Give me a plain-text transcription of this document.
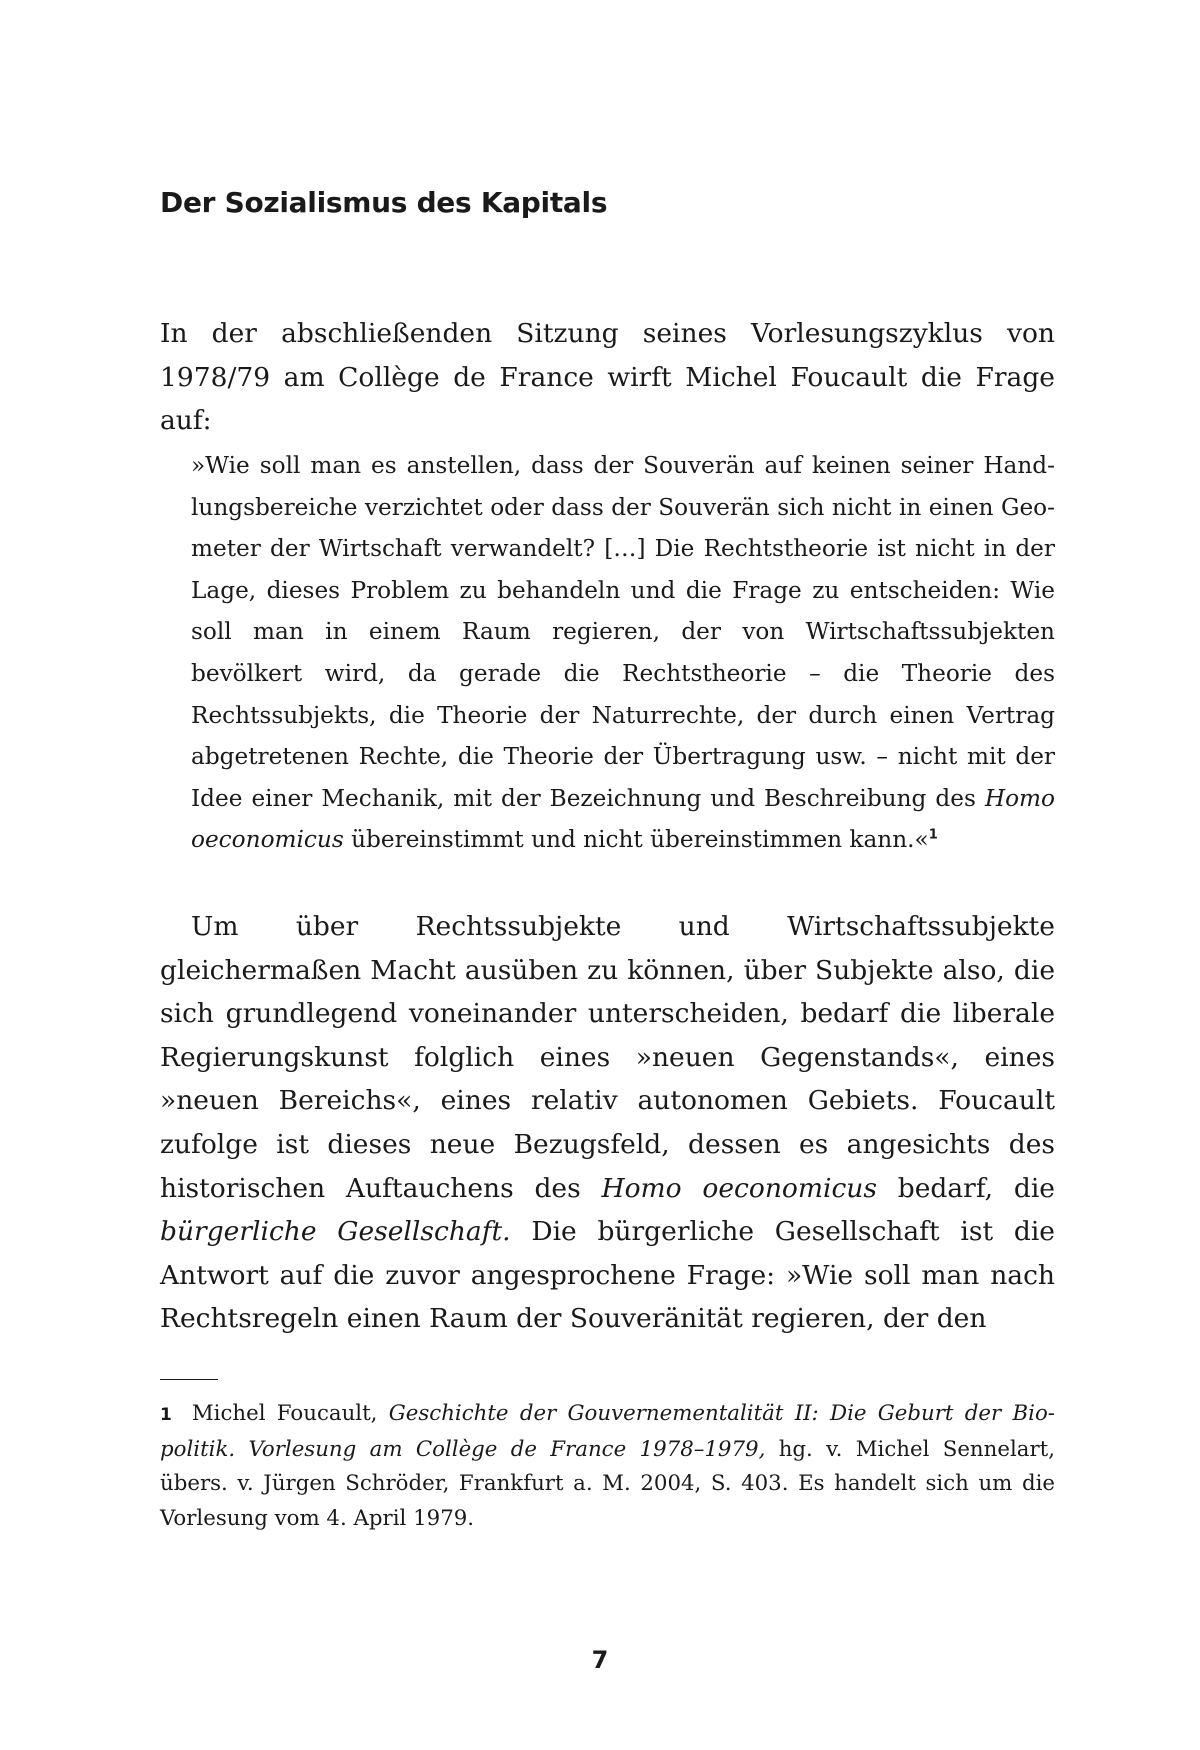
Der Sozialismus des Kapitals

In der abschließenden Sitzung seines Vorlesungszyklus von 1978/79 am Collège de France wirft Michel Foucault die Frage auf:

»Wie soll man es anstellen, dass der Souverän auf keinen seiner Handlungsbereiche verzichtet oder dass der Souverän sich nicht in einen Geometer der Wirtschaft verwandelt? […] Die Rechtstheorie ist nicht in der Lage, dieses Problem zu behandeln und die Frage zu entscheiden: Wie soll man in einem Raum regieren, der von Wirtschaftssubjekten bevölkert wird, da gerade die Rechtstheorie – die Theorie des Rechtssubjekts, die Theorie der Naturrechte, der durch einen Vertrag abgetretenen Rechte, die Theorie der Übertragung usw. – nicht mit der Idee einer Mechanik, mit der Bezeichnung und Beschreibung des Homo oeconomicus übereinstimmt und nicht übereinstimmen kann.«$^1$

Um über Rechtssubjekte und Wirtschaftssubjekte gleichermaßen Macht ausüben zu können, über Subjekte also, die sich grundlegend voneinander unterscheiden, bedarf die liberale Regierungskunst folglich eines »neuen Gegenstands«, eines »neuen Bereichs«, eines relativ autonomen Gebiets. Foucault zufolge ist dieses neue Bezugsfeld, dessen es angesichts des historischen Auftauchens des Homo oeconomicus bedarf, die bürgerliche Gesellschaft. Die bürgerliche Gesellschaft ist die Antwort auf die zuvor angesprochene Frage: »Wie soll man nach Rechtsregeln einen Raum der Souveränität regieren, der den

1 Michel Foucault, Geschichte der Gouvernementalität II: Die Geburt der Biopolitik. Vorlesung am Collège de France 1978–1979, hg. v. Michel Sennelart, übers. v. Jürgen Schröder, Frankfurt a. M. 2004, S. 403. Es handelt sich um die Vorlesung vom 4. April 1979.

7
